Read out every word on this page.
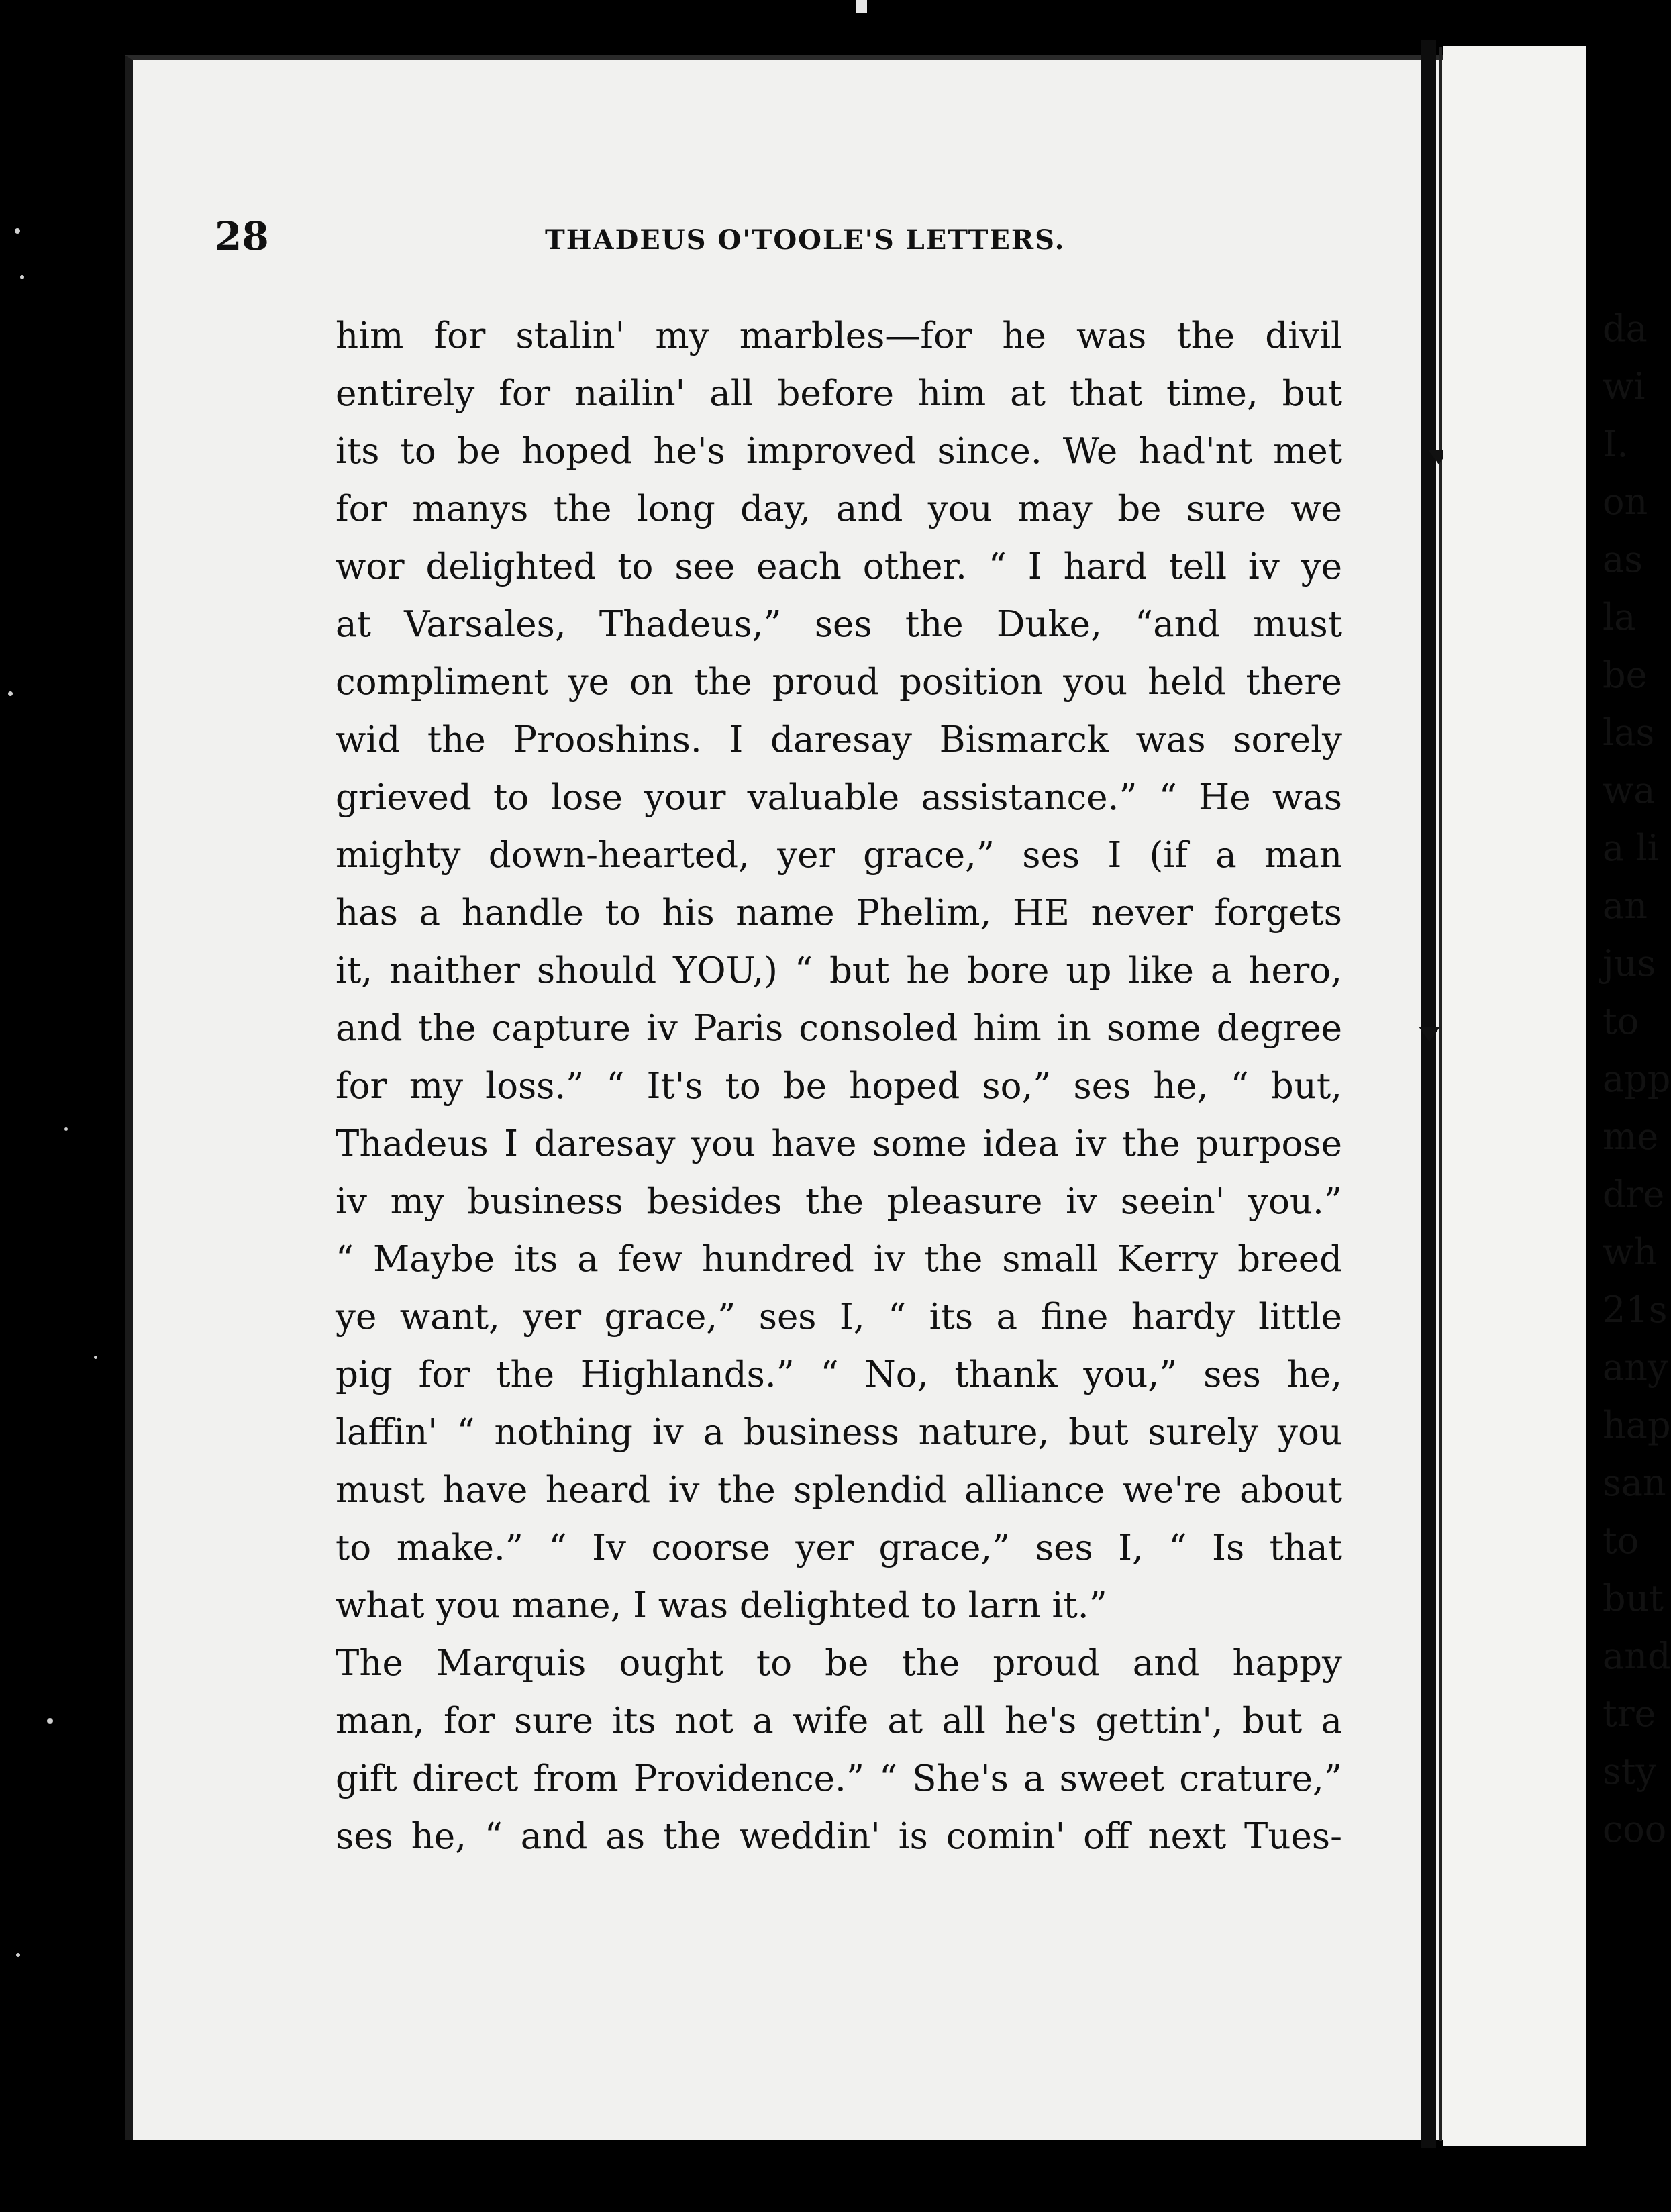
28	THADEUS O'TOOLE'S LETTERS.
him for stalin' my marbles—for he was the divil
entirely for nailin' all before him at that time, but
its to be hoped he's improved since. We had'nt met
for manys the long day, and you may be sure we
wor delighted to see each other. “ I hard tell iv ye
at Varsales, Thadeus,” ses the Duke, “and must
compliment ye on the proud position you held there
wid the Prooshins. I daresay Bismarck was sorely
grieved to lose your valuable assistance.” “ He was
mighty down-hearted, yer grace,” ses I (if a man
has a handle to his name Phelim, HE never forgets
it, naither should YOU,) “ but he bore up like a hero,
and the capture iv Paris consoled him in some degree
for my loss.” “ It's to be hoped so,” ses he, “ but,
Thadeus I daresay you have some idea iv the purpose
iv my business besides the pleasure iv seein' you.”
“ Maybe its a few hundred iv the small Kerry breed
ye want, yer grace,” ses I, “ its a fine hardy little
pig for the Highlands.” “ No, thank you,” ses he,
laffin' “ nothing iv a business nature, but surely you
must have heard iv the splendid alliance we're about
to make.” “ Iv coorse yer grace,” ses I, “ Is that
what you mane, I was delighted to larn it.”
The Marquis ought to be the proud and happy
man, for sure its not a wife at all he's gettin', but a
gift direct from Providence.” “ She's a sweet crature,”
ses he, “ and as the weddin' is comin' off next Tues-
da
wi
I.
on
as
la
be
las
wa
a li
an
jus
to
app
me
dre
wh
21s
any
hap
san
to
but
and
tre
sty
coo
